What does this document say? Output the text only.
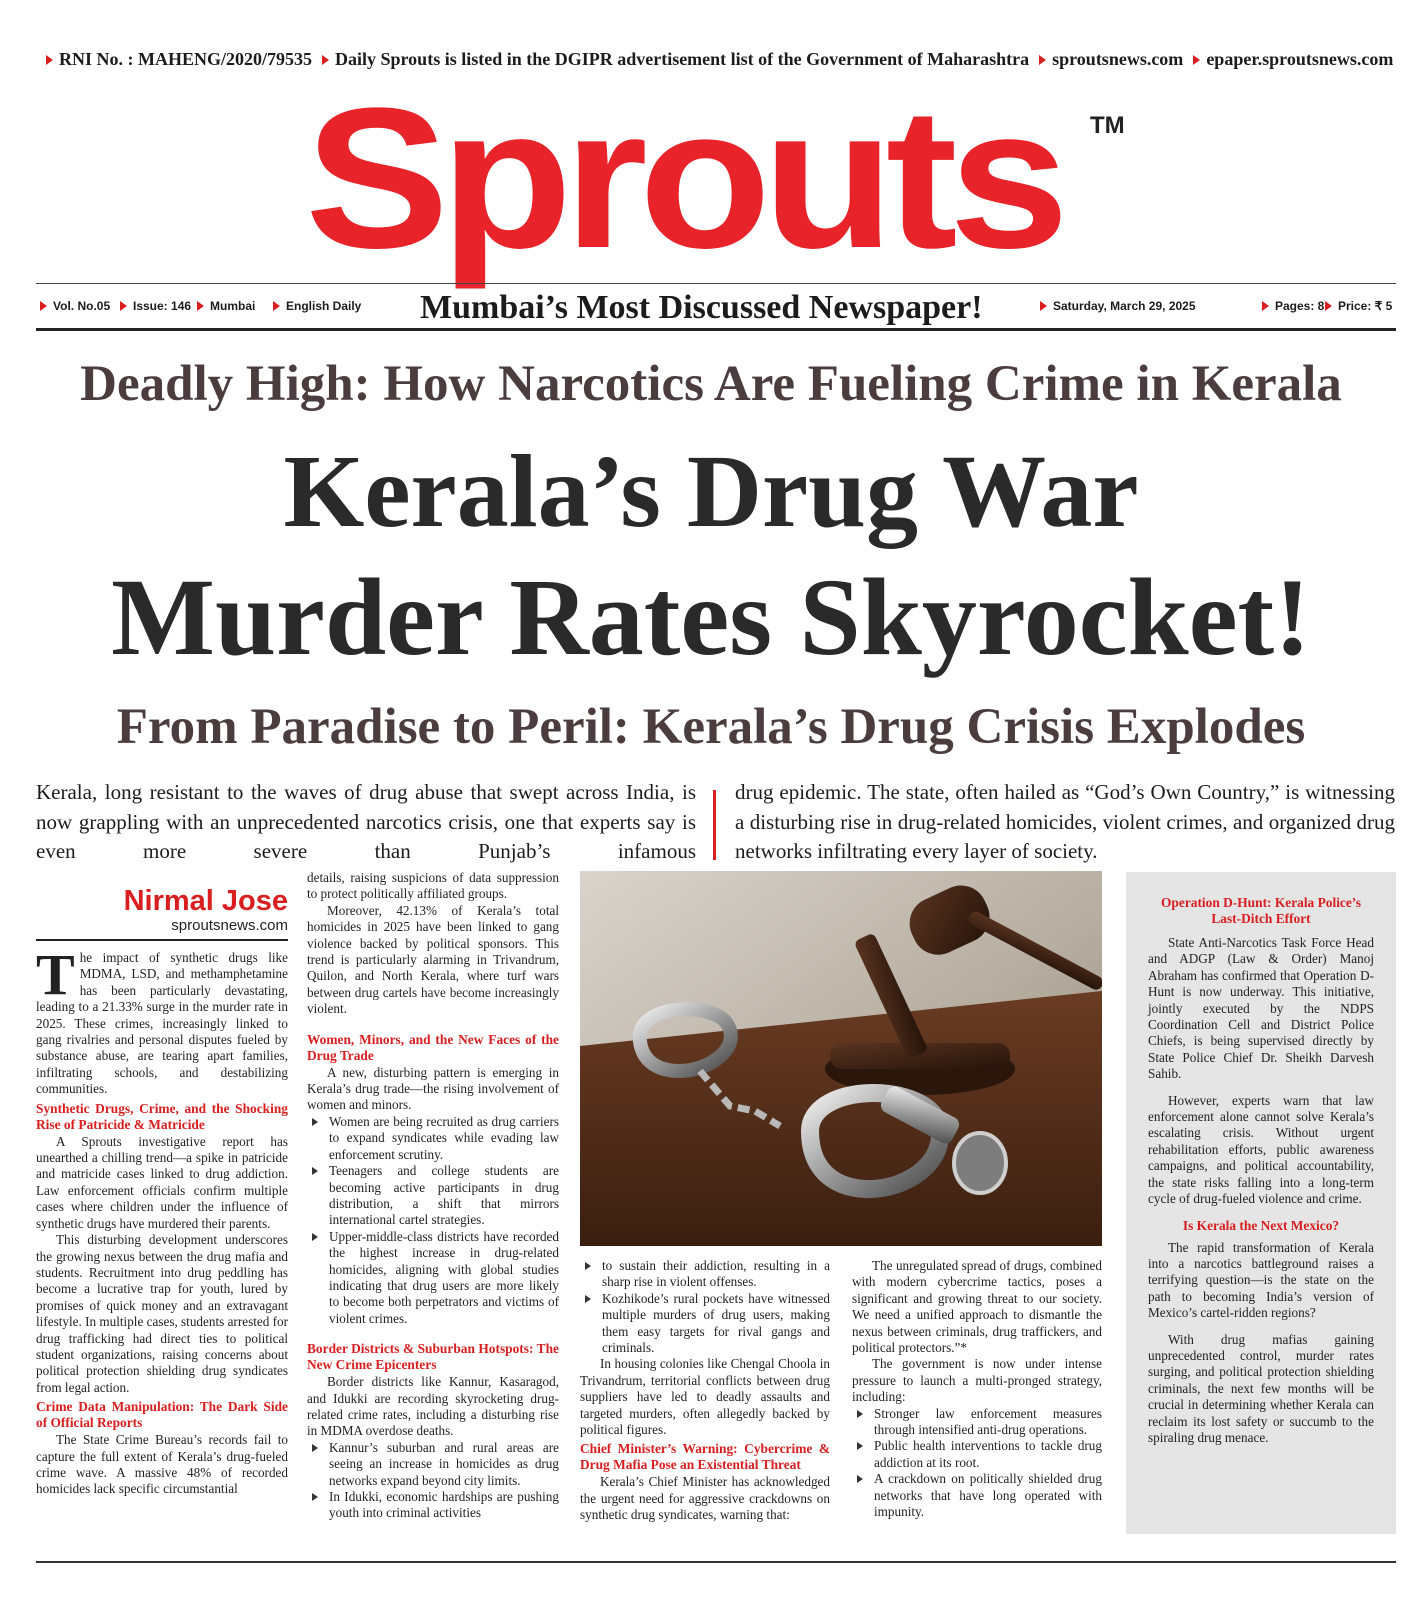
RNI No. : MAHENG/2020/79535	Daily Sprouts is listed in the DGIPR advertisement list of the Government of Maharashtra	sproutsnews.com	epaper.sproutsnews.com
Sprouts TM
Vol. No.05	Issue: 146	Mumbai	English Daily Mumbai’s Most Discussed Newspaper!	Saturday, March 29, 2025	Pages: 8	Price: ₹ 5
Deadly High: How Narcotics Are Fueling Crime in Kerala
Kerala’s Drug War
Murder Rates Skyrocket!
From Paradise to Peril: Kerala’s Drug Crisis Explodes
Kerala, long resistant to the waves of drug abuse that swept across India, is now grappling with an unprecedented narcotics crisis, one that experts say is even more severe than Punjab’s infamous
drug epidemic. The state, often hailed as “God’s Own Country,” is witnessing a disturbing rise in drug-related homicides, violent crimes, and organized drug networks infiltrating every layer of society.
Nirmal Jose
sproutsnews.com

The impact of synthetic drugs like MDMA, LSD, and methamphetamine has been particularly devastating, leading to a 21.33% surge in the murder rate in 2025. These crimes, increasingly linked to gang rivalries and personal disputes fueled by substance abuse, are tearing apart families, infiltrating schools, and destabilizing communities.

Synthetic Drugs, Crime, and the Shocking Rise of Patricide & Matricide

A Sprouts investigative report has unearthed a chilling trend—a spike in patricide and matricide cases linked to drug addiction. Law enforcement officials confirm multiple cases where children under the influence of synthetic drugs have murdered their parents.

This disturbing development underscores the growing nexus between the drug mafia and students. Recruitment into drug peddling has become a lucrative trap for youth, lured by promises of quick money and an extravagant lifestyle. In multiple cases, students arrested for drug trafficking had direct ties to political student organizations, raising concerns about political protection shielding drug syndicates from legal action.

Crime Data Manipulation: The Dark Side of Official Reports

The State Crime Bureau’s records fail to capture the full extent of Kerala’s drug-fueled crime wave. A massive 48% of recorded homicides lack specific circumstantial

details, raising suspicions of data suppression to protect politically affiliated groups.

Moreover, 42.13% of Kerala’s total homicides in 2025 have been linked to gang violence backed by political sponsors. This trend is particularly alarming in Trivandrum, Quilon, and North Kerala, where turf wars between drug cartels have become increasingly violent.

Women, Minors, and the New Faces of the Drug Trade

A new, disturbing pattern is emerging in Kerala’s drug trade—the rising involvement of women and minors.

Women are being recruited as drug carriers to expand syndicates while evading law enforcement scrutiny.
Teenagers and college students are becoming active participants in drug distribution, a shift that mirrors international cartel strategies.
Upper-middle-class districts have recorded the highest increase in drug-related homicides, aligning with global studies indicating that drug users are more likely to become both perpetrators and victims of violent crimes.
Border Districts & Suburban Hotspots: The New Crime Epicenters

Border districts like Kannur, Kasaragod, and Idukki are recording skyrocketing drug-related crime rates, including a disturbing rise in MDMA overdose deaths.

Kannur’s suburban and rural areas are seeing an increase in homicides as drug networks expand beyond city limits.
In Idukki, economic hardships are pushing youth into criminal activities
to sustain their addiction, resulting in a sharp rise in violent offenses.
Kozhikode’s rural pockets have witnessed multiple murders of drug users, making them easy targets for rival gangs and criminals.

In housing colonies like Chengal Choola in Trivandrum, territorial conflicts between drug suppliers have led to deadly assaults and targeted murders, often allegedly backed by political figures.

Chief Minister’s Warning: Cybercrime & Drug Mafia Pose an Existential Threat

Kerala’s Chief Minister has acknowledged the urgent need for aggressive crackdowns on synthetic drug syndicates, warning that:

The unregulated spread of drugs, combined with modern cybercrime tactics, poses a significant and growing threat to our society. We need a unified approach to dismantle the nexus between criminals, drug traffickers, and political protectors.”*

The government is now under intense pressure to launch a multi-pronged strategy, including:

Stronger law enforcement measures through intensified anti-drug operations.
Public health interventions to tackle drug addiction at its root.
A crackdown on politically shielded drug networks that have long operated with impunity.
Operation D-Hunt: Kerala Police’s Last-Ditch Effort

State Anti-Narcotics Task Force Head and ADGP (Law & Order) Manoj Abraham has confirmed that Operation D-Hunt is now underway. This initiative, jointly executed by the NDPS Coordination Cell and District Police Chiefs, is being supervised directly by State Police Chief Dr. Sheikh Darvesh Sahib.

However, experts warn that law enforcement alone cannot solve Kerala’s escalating crisis. Without urgent rehabilitation efforts, public awareness campaigns, and political accountability, the state risks falling into a long-term cycle of drug-fueled violence and crime.

Is Kerala the Next Mexico?

The rapid transformation of Kerala into a narcotics battleground raises a terrifying question—is the state on the path to becoming India’s version of Mexico’s cartel-ridden regions?

With drug mafias gaining unprecedented control, murder rates surging, and political protection shielding criminals, the next few months will be crucial in determining whether Kerala can reclaim its lost safety or succumb to the spiraling drug menace.
